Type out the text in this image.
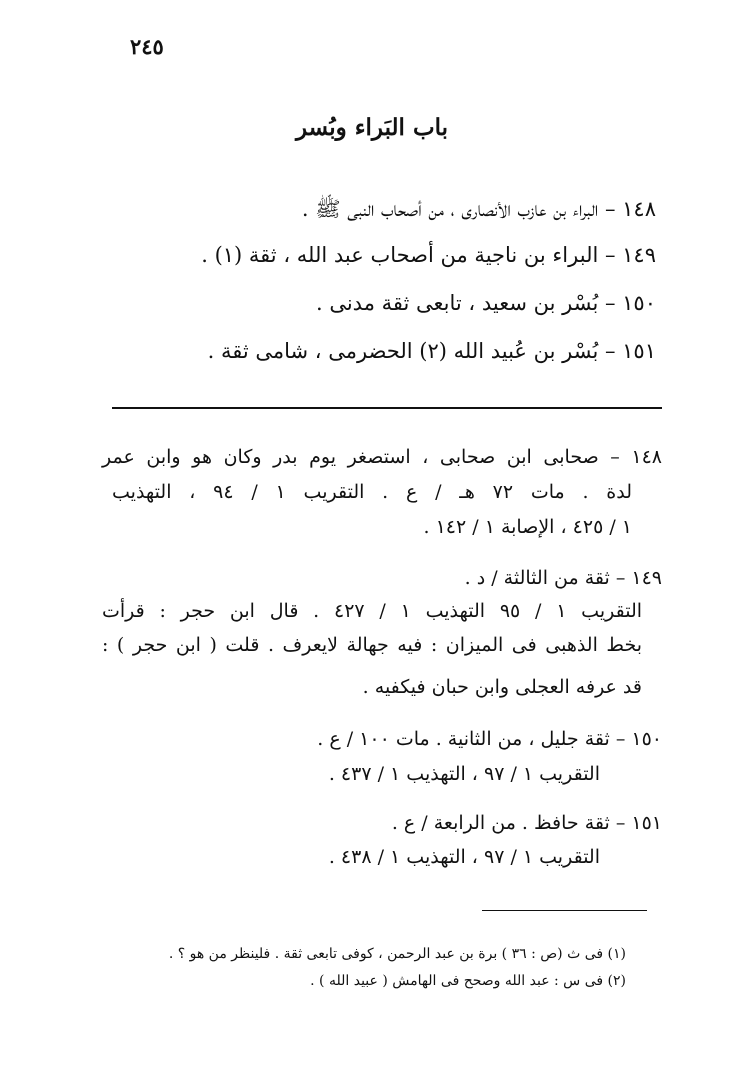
٢٤٥
باب البَراء وبُسر
١٤٨ – البراء بن عازب الأنصارى ، من أصحاب النبى ﷺ .
١٤٩ – البراء بن ناجية من أصحاب عبد الله ، ثقة (١) .
١٥٠ – بُسْر بن سعيد ، تابعى ثقة مدنى .
١٥١ – بُسْر بن عُبيد الله (٢) الحضرمى ، شامى ثقة .
١٤٨ – صحابى ابن صحابى ، استصغر يوم بدر وكان هو وابن عمر
لدة . مات ٧٢ هـ / ع . التقريب ١ / ٩٤ ، التهذيب
١ / ٤٢٥ ، الإصابة ١ / ١٤٢ .
١٤٩ – ثقة من الثالثة / د .
التقريب ١ / ٩٥ التهذيب ١ / ٤٢٧ . قال ابن حجر : قرأت
بخط الذهبى فى الميزان : فيه جهالة لايعرف . قلت ( ابن حجر ) :
قد عرفه العجلى وابن حبان فيكفيه .
١٥٠ – ثقة جليل ، من الثانية . مات ١٠٠ / ع .
التقريب ١ / ٩٧ ، التهذيب ١ / ٤٣٧ .
١٥١ – ثقة حافظ . من الرابعة / ع .
التقريب ١ / ٩٧ ، التهذيب ١ / ٤٣٨ .
(١) فى ث (ص : ٣٦ ) برة بن عبد الرحمن ، كوفى تابعى ثقة . فلينظر من هو ؟ .
(٢) فى س : عبد الله وصحح فى الهامش ( عبيد الله ) .
